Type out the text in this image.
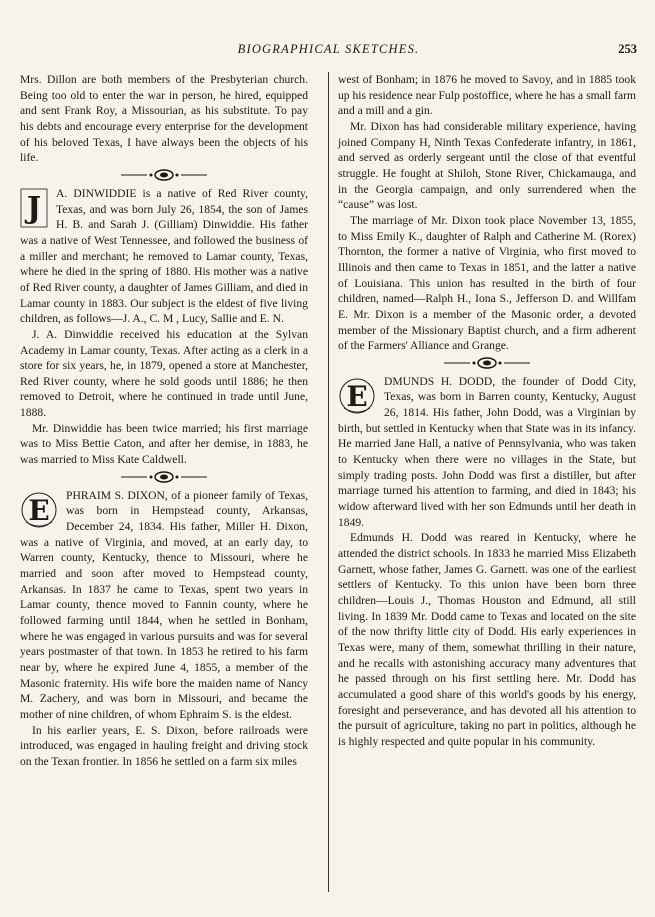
BIOGRAPHICAL SKETCHES.	253

Mrs. Dillon are both members of the Presbyterian church. Being too old to enter the war in person, he hired, equipped and sent Frank Roy, a Missourian, as his substitute. To pay his debts and encourage every enterprise for the development of his beloved Texas, I have always been the objects of his life.

J A. DINWIDDIE is a native of Red River county, Texas, and was born July 26, 1854, the son of James H. B. and Sarah J. (Gilliam) Dinwiddie. His father was a native of West Tennessee, and followed the business of a miller and merchant; he removed to Lamar county, Texas, where he died in the spring of 1880. His mother was a native of Red River county, a daughter of James Gilliam, and died in Lamar county in 1883. Our subject is the eldest of five living children, as follows—J. A., C. M , Lucy, Sallie and E. N.

J. A. Dinwiddie received his education at the Sylvan Academy in Lamar county, Texas. After acting as a clerk in a store for six years, he, in 1879, opened a store at Manchester, Red River county, where he sold goods until 1886; he then removed to Detroit, where he continued in trade until June, 1888.

Mr. Dinwiddie has been twice married; his first marriage was to Miss Bettie Caton, and after her demise, in 1883, he was married to Miss Kate Caldwell.

E PHRAIM S. DIXON, of a pioneer family of Texas, was born in Hempstead county, Arkansas, December 24, 1834. His father, Miller H. Dixon, was a native of Virginia, and moved, at an early day, to Warren county, Kentucky, thence to Missouri, where he married and soon after moved to Hempstead county, Arkansas. In 1837 he came to Texas, spent two years in Lamar county, thence moved to Fannin county, where he followed farming until 1844, when he settled in Bonham, where he was engaged in various pursuits and was for several years postmaster of that town. In 1853 he retired to his farm near by, where he expired June 4, 1855, a member of the Masonic fraternity. His wife bore the maiden name of Nancy M. Zachery, and was born in Missouri, and became the mother of nine children, of whom Ephraim S. is the eldest.

In his earlier years, E. S. Dixon, before railroads were introduced, was engaged in hauling freight and driving stock on the Texan frontier. In 1856 he settled on a farm six miles

west of Bonham; in 1876 he moved to Savoy, and in 1885 took up his residence near Fulp postoffice, where he has a small farm and a mill and a gin.

Mr. Dixon has had considerable military experience, having joined Company H, Ninth Texas Confederate infantry, in 1861, and served as orderly sergeant until the close of that eventful struggle. He fought at Shiloh, Stone River, Chickamauga, and in the Georgia campaign, and only surrendered when the “cause” was lost.

The marriage of Mr. Dixon took place November 13, 1855, to Miss Emily K., daughter of Ralph and Catherine M. (Rorex) Thornton, the former a native of Virginia, who first moved to Illinois and then came to Texas in 1851, and the latter a native of Louisiana. This union has resulted in the birth of four children, named—Ralph H., Iona S., Jefferson D. and Willfam E. Mr. Dixon is a member of the Masonic order, a devoted member of the Missionary Baptist church, and a firm adherent of the Farmers' Alliance and Grange.

E DMUNDS H. DODD, the founder of Dodd City, Texas, was born in Barren county, Kentucky, August 26, 1814. His father, John Dodd, was a Virginian by birth, but settled in Kentucky when that State was in its infancy. He married Jane Hall, a native of Pennsylvania, who was taken to Kentucky when there were no villages in the State, but simply trading posts. John Dodd was first a distiller, but after marriage turned his attention to farming, and died in 1843; his widow afterward lived with her son Edmunds until her death in 1849.

Edmunds H. Dodd was reared in Kentucky, where he attended the district schools. In 1833 he married Miss Elizabeth Garnett, whose father, James G. Garnett. was one of the earliest settlers of Kentucky. To this union have been born three children—Louis J., Thomas Houston and Edmund, all still living. In 1839 Mr. Dodd came to Texas and located on the site of the now thrifty little city of Dodd. His early experiences in Texas were, many of them, somewhat thrilling in their nature, and he recalls with astonishing accuracy many adventures that he passed through on his first settling here. Mr. Dodd has accumulated a good share of this world's goods by his energy, foresight and perseverance, and has devoted all his attention to the pursuit of agriculture, taking no part in politics, although he is highly respected and quite popular in his community.
